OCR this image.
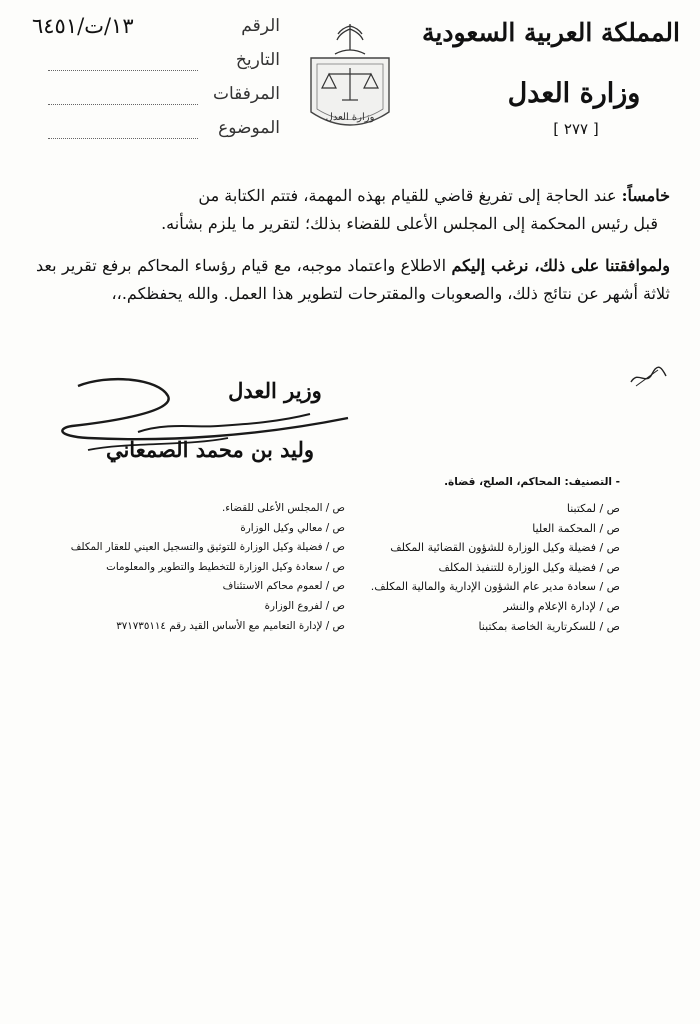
المملكة العربية السعودية
وزارة العدل
[ ٢٧٧ ]
وزارة العدل
الرقم
١٣/ت/٦٤٥١
التاريخ
المرفقات
الموضوع

خامساً: عند الحاجة إلى تفريغ قاضي للقيام بهذه المهمة، فتتم الكتابة من
قبل رئيس المحكمة إلى المجلس الأعلى للقضاء بذلك؛ لتقرير ما يلزم بشأنه.

ولموافقتنا على ذلك، نرغب إليكم الاطلاع واعتماد موجبه، مع قيام رؤساء المحاكم برفع تقرير بعد ثلاثة أشهر عن نتائج ذلك، والصعوبات والمقترحات لتطوير هذا العمل. والله يحفظكم.،،

وزير العدل
وليد بن محمد الصمعاني
- التصنيف: المحاكم، الصلح، قضاة.
ص / لمكتبنا
ص / المحكمة العليا
ص / فضيلة وكيل الوزارة للشؤون القضائية المكلف
ص / فضيلة وكيل الوزارة للتنفيذ المكلف
ص / سعادة مدير عام الشؤون الإدارية والمالية المكلف.
ص / لإدارة الإعلام والنشر
ص / للسكرتارية الخاصة بمكتبنا
ص / المجلس الأعلى للقضاء.
ص / معالي وكيل الوزارة
ص / فضيلة وكيل الوزارة للتوثيق والتسجيل العيني للعقار المكلف
ص / سعادة وكيل الوزارة للتخطيط والتطوير والمعلومات
ص / لعموم محاكم الاستئناف
ص / لفروع الوزارة
ص / لإدارة التعاميم مع الأساس القيد رقم ٣٧١٧٣٥١١٤
